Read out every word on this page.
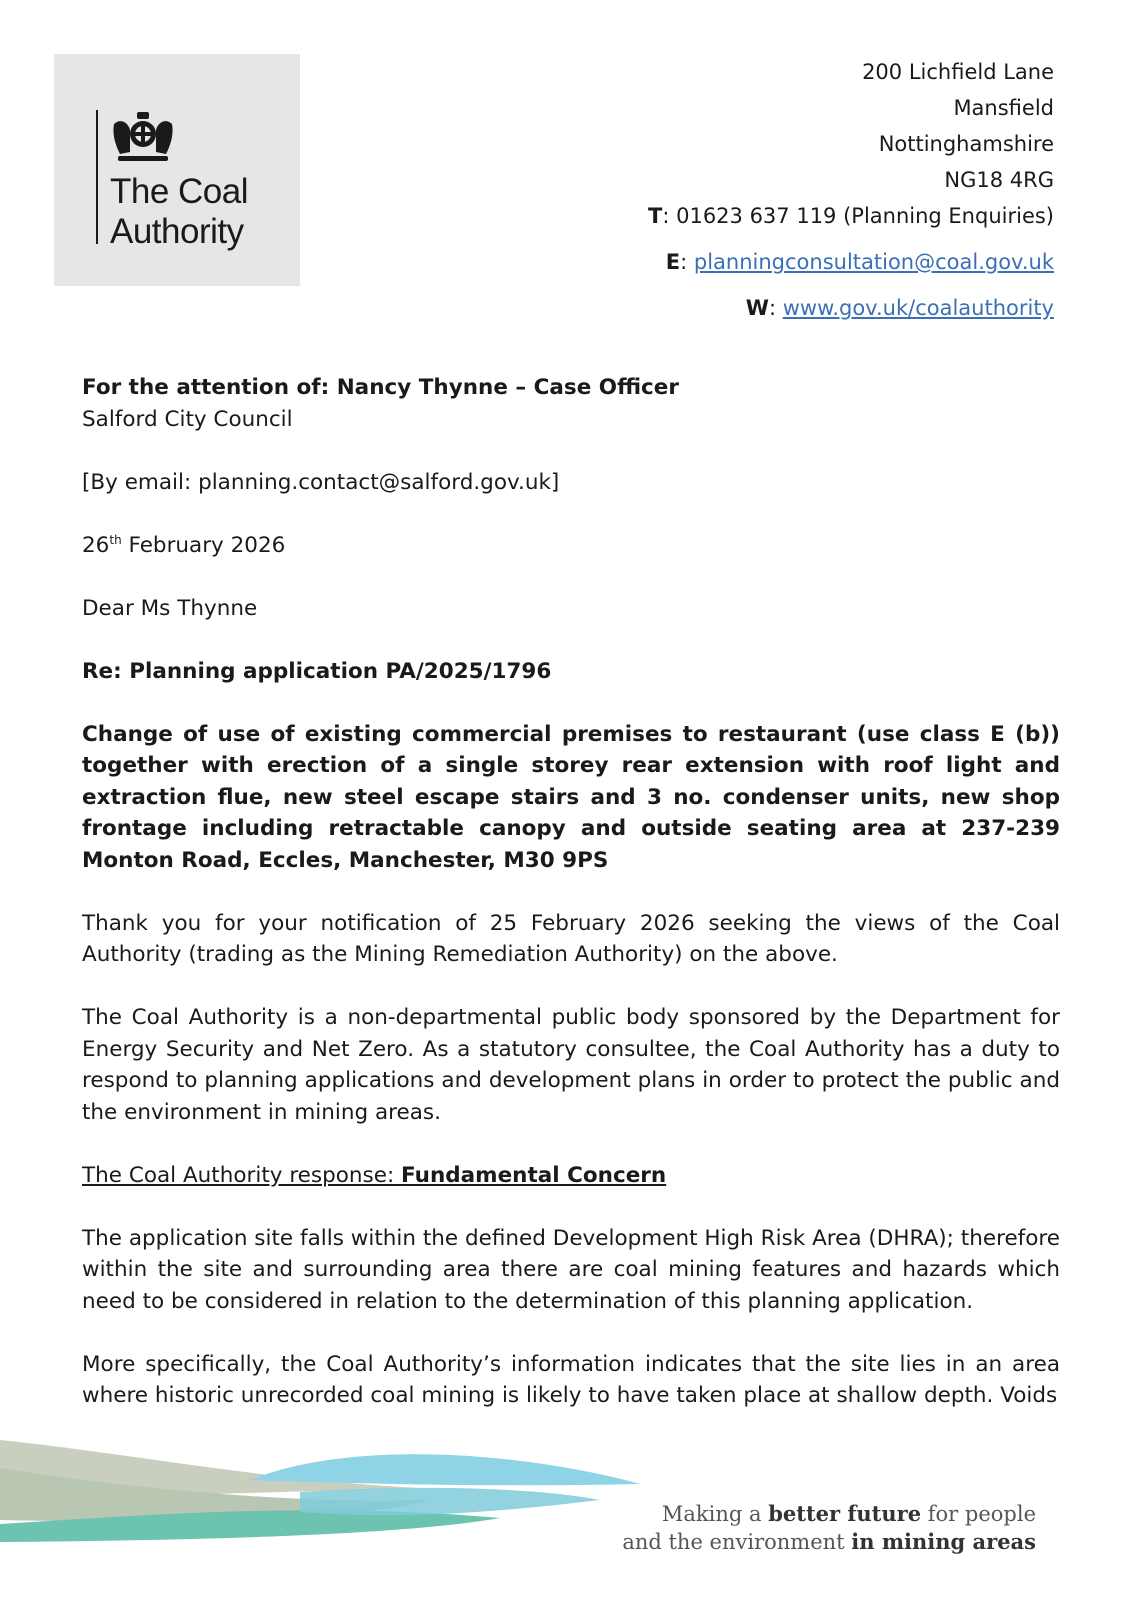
The Coal
Authority
200 Lichfield Lane
Mansfield
Nottinghamshire
NG18 4RG
T: 01623 637 119 (Planning Enquiries)
E: planningconsultation@coal.gov.uk
W: www.gov.uk/coalauthority

For the attention of: Nancy Thynne – Case Officer
Salford City Council

[By email: planning.contact@salford.gov.uk]

26th February 2026

Dear Ms Thynne

Re: Planning application PA/2025/1796

Change of use of existing commercial premises to restaurant (use class E (b)) together with erection of a single storey rear extension with roof light and extraction flue, new steel escape stairs and 3 no. condenser units, new shop frontage including retractable canopy and outside seating area at 237-239 Monton Road, Eccles, Manchester, M30 9PS

Thank you for your notification of 25 February 2026 seeking the views of the Coal Authority (trading as the Mining Remediation Authority) on the above.

The Coal Authority is a non-departmental public body sponsored by the Department for Energy Security and Net Zero. As a statutory consultee, the Coal Authority has a duty to respond to planning applications and development plans in order to protect the public and the environment in mining areas.

The Coal Authority response: Fundamental Concern

The application site falls within the defined Development High Risk Area (DHRA); therefore within the site and surrounding area there are coal mining features and hazards which need to be considered in relation to the determination of this planning application.

More specifically, the Coal Authority’s information indicates that the site lies in an area where historic unrecorded coal mining is likely to have taken place at shallow depth. Voids

Making a better future for people
and the environment in mining areas
